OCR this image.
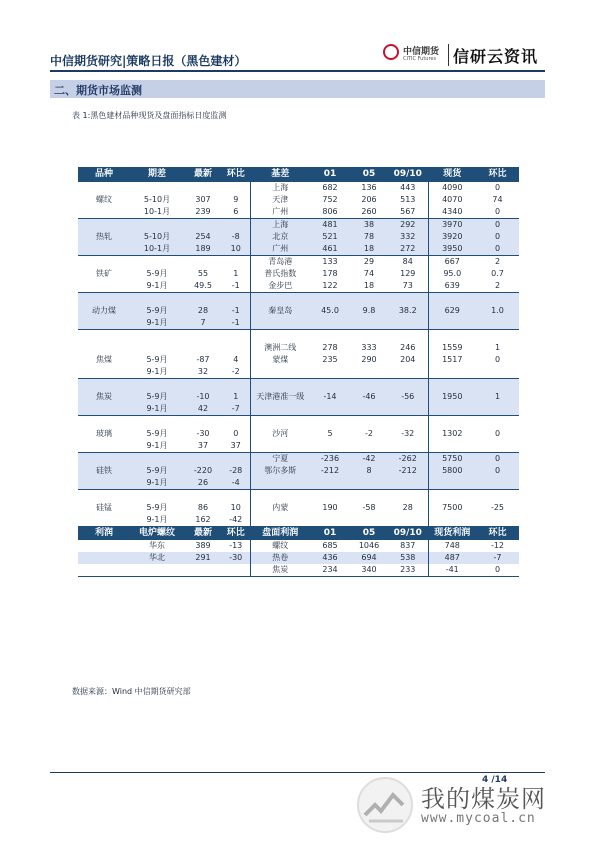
中信期货研究|策略日报（黑色建材）
中信期货
CITIC Futures 信研云资讯
二、期货市场监测
表 1:黑色建材品种现货及盘面指标日度监测
品种	期差	最新	环比	基差	01	05	09/10	现货	环比
				上海	682	136	443	4090	0
螺纹	5-10月	307	9	天津	752	206	513	4070	74
	10-1月	239	6	广州	806	260	567	4340	0
				上海	481	38	292	3970	0
热轧	5-10月	254	-8	北京	521	78	332	3920	0
	10-1月	189	10	广州	461	18	272	3950	0
				青岛港	133	29	84	667	2
铁矿	5-9月	55	1	普氏指数	178	74	129	95.0	0.7
	9-1月	49.5	-1	金步巴	122	18	73	639	2

动力煤	5-9月	28	-1	秦皇岛	45.0	9.8	38.2	629	1.0
	9-1月	7	-1						

				澳洲二线	278	333	246	1559	1
焦煤	5-9月	-87	4	蒙煤	235	290	204	1517	0
	9-1月	32	-2						

焦炭	5-9月	-10	1	天津港准一级	-14	-46	-56	1950	1
	9-1月	42	-7						

玻璃	5-9月	-30	0	沙河	5	-2	-32	1302	0
	9-1月	37	37						
				宁夏	-236	-42	-262	5750	0
硅铁	5-9月	-220	-28	鄂尔多斯	-212	8	-212	5800	0
	9-1月	26	-4						

硅锰	5-9月	86	10	内蒙	190	-58	28	7500	-25
	9-1月	162	-42						
利润	电炉螺纹	最新	环比	盘面利润	01	05	09/10	现货利润	环比
	华东	389	-13	螺纹	685	1046	837	748	-12
	华北	291	-30	热卷	436	694	538	487	-7
				焦炭	234	340	233	-41	0
数据来源：Wind 中信期货研究部
4 /14
我的煤炭网
www.mycoal.cn
